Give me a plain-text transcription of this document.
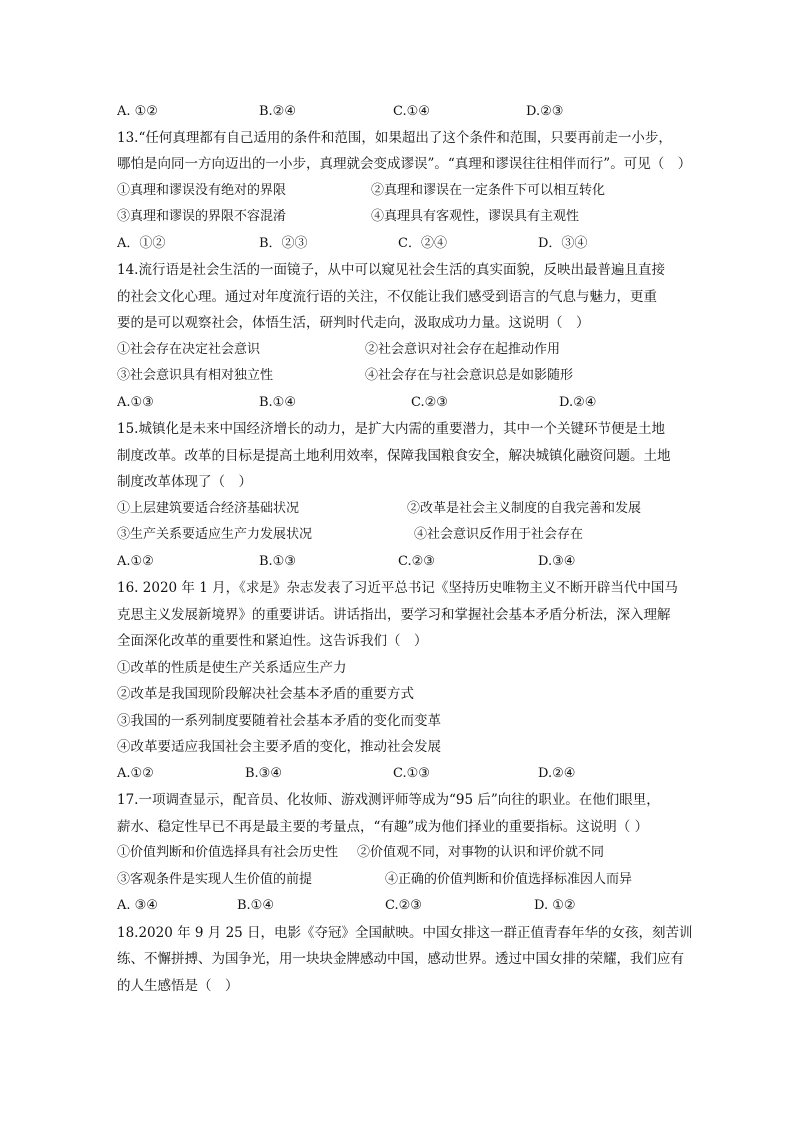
A. ①②	B.②④	C.①④	D.②③
13.“任何真理都有自己适用的条件和范围，如果超出了这个条件和范围，只要再前走一小步，
哪怕是向同一方向迈出的一小步，真理就会变成谬误”。“真理和谬误往往相伴而行”。可见（　）
①真理和谬误没有绝对的界限	②真理和谬误在一定条件下可以相互转化
③真理和谬误的界限不容混淆	④真理具有客观性，谬误具有主观性
A．①②	B．②③	C．②④	D．③④
14.流行语是社会生活的一面镜子，从中可以窥见社会生活的真实面貌，反映出最普遍且直接
的社会文化心理。通过对年度流行语的关注，不仅能让我们感受到语言的气息与魅力，更重
要的是可以观察社会，体悟生活，研判时代走向，汲取成功力量。这说明（　）
①社会存在决定社会意识	②社会意识对社会存在起推动作用
③社会意识具有相对独立性	④社会存在与社会意识总是如影随形
A.①③	B.①④	C.②③	D.②④
15.城镇化是未来中国经济增长的动力，是扩大内需的重要潜力，其中一个关键环节便是土地
制度改革。改革的目标是提高土地利用效率，保障我国粮食安全，解决城镇化融资问题。土地
制度改革体现了（　）
①上层建筑要适合经济基础状况	②改革是社会主义制度的自我完善和发展
③生产关系要适应生产力发展状况	④社会意识反作用于社会存在
A.①②	B.①③	C.②③	D.③④
16. 2020 年 1 月，《求是》杂志发表了习近平总书记《坚持历史唯物主义不断开辟当代中国马
克思主义发展新境界》的重要讲话。讲话指出，要学习和掌握社会基本矛盾分析法，深入理解
全面深化改革的重要性和紧迫性。这告诉我们（　）
①改革的性质是使生产关系适应生产力
②改革是我国现阶段解决社会基本矛盾的重要方式
③我国的一系列制度要随着社会基本矛盾的变化而变革
④改革要适应我国社会主要矛盾的变化，推动社会发展
A.①②	B.③④	C.①③	D.②④
17.一项调查显示，配音员、化妆师、游戏测评师等成为“95 后”向往的职业。在他们眼里，
薪水、稳定性早已不再是最主要的考量点，“有趣”成为他们择业的重要指标。这说明（ ）
①价值判断和价值选择具有社会历史性 ②价值观不同，对事物的认识和评价就不同
③客观条件是实现人生价值的前提	④正确的价值判断和价值选择标准因人而异
A. ③④	B.①④	C.②③	D. ①②
18.2020 年 9 月 25 日，电影《夺冠》全国献映。中国女排这一群正值青春年华的女孩，刻苦训
练、不懈拼搏、为国争光，用一块块金牌感动中国，感动世界。透过中国女排的荣耀，我们应有
的人生感悟是（　）
